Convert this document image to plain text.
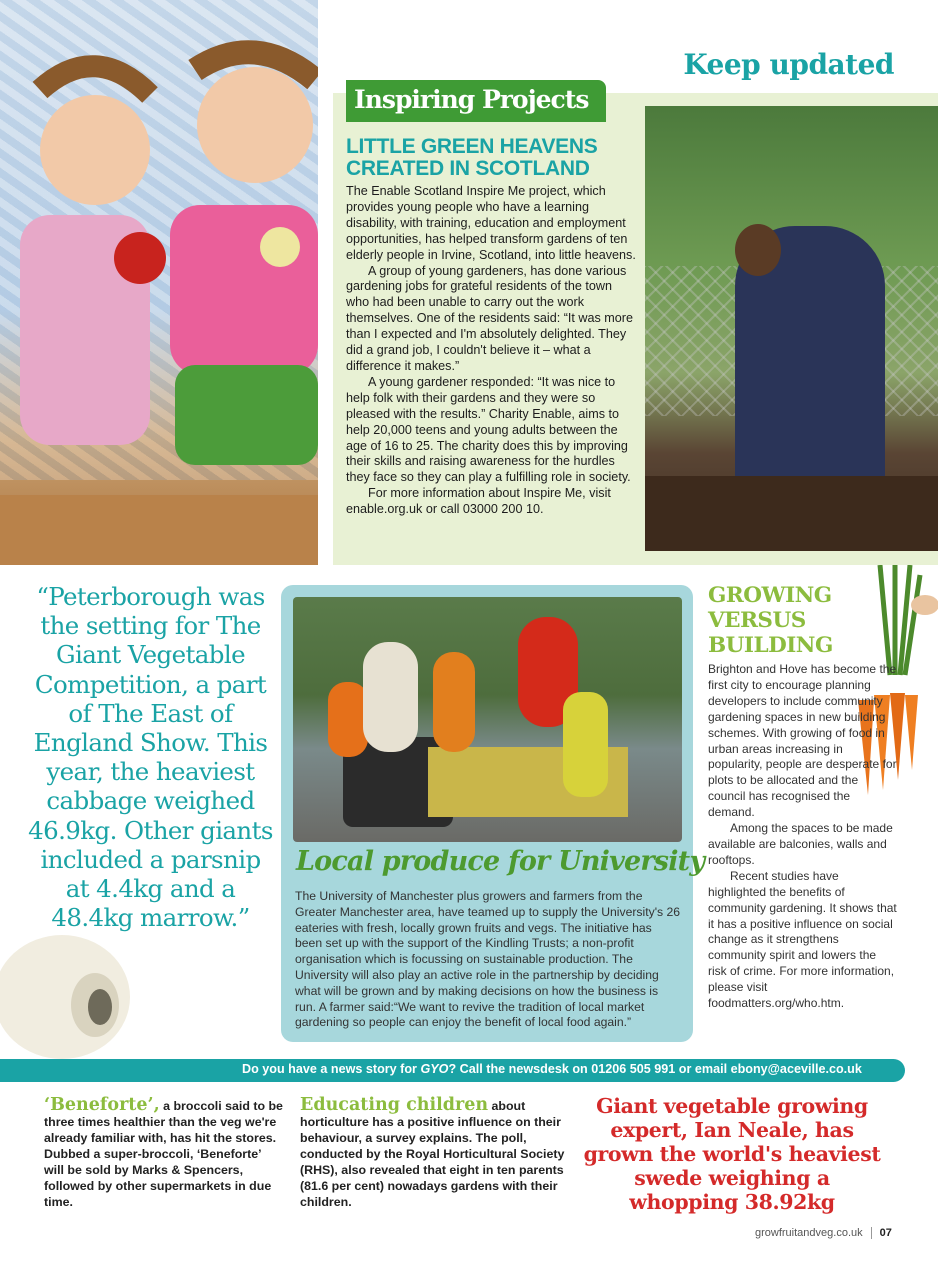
Keep updated
Inspiring Projects
LITTLE GREEN HEAVENS CREATED IN SCOTLAND

The Enable Scotland Inspire Me project, which provides young people who have a learning disability, with training, education and employment opportunities, has helped transform gardens of ten elderly people in Irvine, Scotland, into little heavens.

A group of young gardeners, has done various gardening jobs for grateful residents of the town who had been unable to carry out the work themselves. One of the residents said: “It was more than I expected and I'm absolutely delighted. They did a grand job, I couldn't believe it – what a difference it makes.”

A young gardener responded: “It was nice to help folk with their gardens and they were so pleased with the results.” Charity Enable, aims to help 20,000 teens and young adults between the age of 16 to 25. The charity does this by improving their skills and raising awareness for the hurdles they face so they can play a fulfilling role in society.

For more information about Inspire Me, visit enable.org.uk or call 03000 200 10.

“Peterborough was the setting for The Giant Vegetable Competition, a part of The East of England Show. This year, the heaviest cabbage weighed 46.9kg. Other giants included a parsnip at 4.4kg and a 48.4kg marrow.”
Local produce for University
The University of Manchester plus growers and farmers from the Greater Manchester area, have teamed up to supply the University's 26 eateries with fresh, locally grown fruits and vegs. The initiative has been set up with the support of the Kindling Trusts; a non-profit organisation which is focussing on sustainable production. The University will also play an active role in the partnership by deciding what will be grown and by making decisions on how the business is run. A farmer said:“We want to revive the tradition of local market gardening so people can enjoy the benefit of local food again.”
GROWING VERSUS BUILDING

Brighton and Hove has become the first city to encourage planning developers to include community gardening spaces in new building schemes. With growing of food in urban areas increasing in popularity, people are desperate for plots to be allocated and the council has recognised the demand.

Among the spaces to be made available are balconies, walls and rooftops.

Recent studies have highlighted the benefits of community gardening. It shows that it has a positive influence on social change as it strengthens community spirit and lowers the risk of crime. For more information, please visit foodmatters.org/who.htm.

Do you have a news story for GYO? Call the newsdesk on 01206 505 991 or email ebony@aceville.co.uk
‘Beneforte’, a broccoli said to be three times healthier than the veg we're already familiar with, has hit the stores. Dubbed a super-broccoli, ‘Beneforte’ will be sold by Marks & Spencers, followed by other supermarkets in due time.
Educating children about horticulture has a positive influence on their behaviour, a survey explains. The poll, conducted by the Royal Horticultural Society (RHS), also revealed that eight in ten parents (81.6 per cent) nowadays gardens with their children.
Giant vegetable growing expert, Ian Neale, has grown the world's heaviest swede weighing a whopping 38.92kg
growfruitandveg.co.uk 07
